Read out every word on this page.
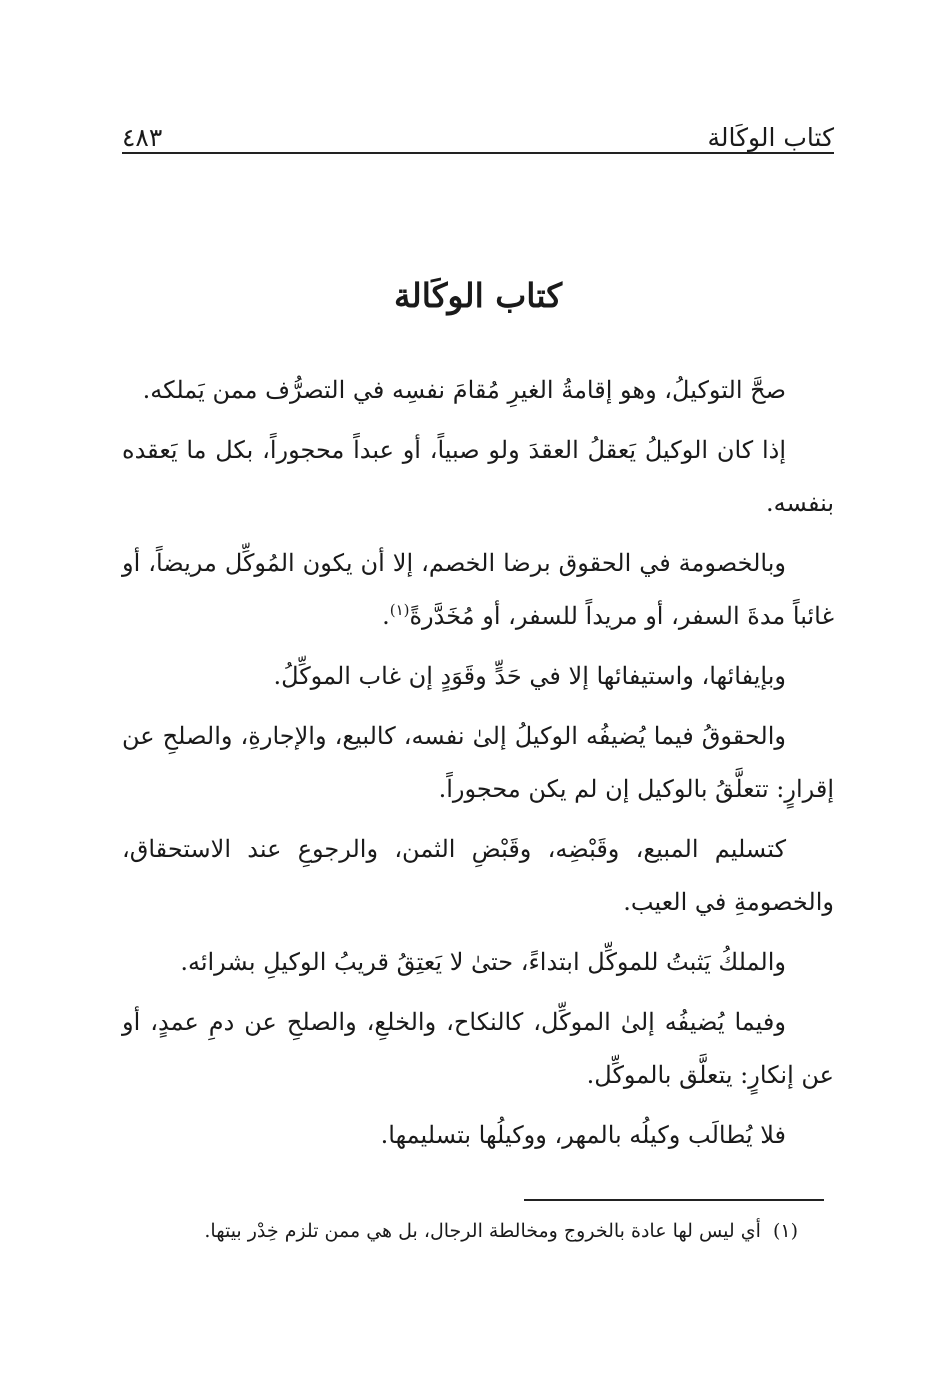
كتاب الوكَالة
٤٨٣
كتاب الوكَالة

صحَّ التوكيلُ، وهو إقامةُ الغيرِ مُقامَ نفسِه في التصرُّف ممن يَملكه.

إذا كان الوكيلُ يَعقلُ العقدَ ولو صبياً، أو عبداً محجوراً، بكل ما يَعقده بنفسه.

وبالخصومة في الحقوق برضا الخصم، إلا أن يكون المُوكِّل مريضاً، أو غائباً مدةَ السفر، أو مريداً للسفر، أو مُخَدَّرةً$^{(١)}$.

وبإيفائها، واستيفائها إلا في حَدٍّ وقَوَدٍ إن غاب الموكِّلُ.

والحقوقُ فيما يُضيفُه الوكيلُ إلىٰ نفسه، كالبيع، والإجارةِ، والصلحِ عن إقرارٍ: تتعلَّقُ بالوكيل إن لم يكن محجوراً.

كتسليم المبيع، وقَبْضِه، وقَبْضِ الثمن، والرجوعِ عند الاستحقاق، والخصومةِ في العيب.

والملكُ يَثبتُ للموكِّل ابتداءً، حتىٰ لا يَعتِقُ قريبُ الوكيلِ بشرائه.

وفيما يُضيفُه إلىٰ الموكِّل، كالنكاح، والخلعِ، والصلحِ عن دمِ عمدٍ، أو عن إنكارٍ: يتعلَّق بالموكِّل.

فلا يُطالَب وكيلُه بالمهر، ووكيلُها بتسليمها.

(١) أي ليس لها عادة بالخروج ومخالطة الرجال، بل هي ممن تلزم خِدْر بيتها.
